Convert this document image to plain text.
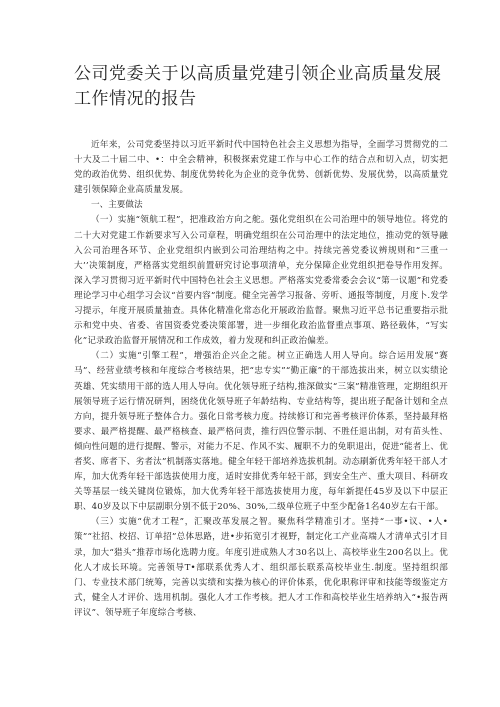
公司党委关于以高质量党建引领企业高质量发展工作情况的报告

近年来，公司党委坚持以习近平新时代中国特色社会主义思想为指导，全面学习贯彻党的二十大及二十届二中、•：中全会精神，积极探索党建工作与中心工作的结合点和切入点，切实把党的政治优势、组织优势、制度优势转化为企业的竞争优势、创新优势、发展优势，以高质量党建引领保障企业高质量发展。

一、主要做法

（一）实施“领航工程”，把准政治方向之舵。强化党组织在公司治理中的领导地位。将党的二十大对党建工作新要求写入公司章程，明确党组织在公司治理中的法定地位，推动党的领导融入公司治理各环节、企业党组织内嵌到公司治理结构之中。持续完善党委议辨规则和“三重一大’’决策制度，严格落实党组织前置研究讨论事项清单，充分保障企业党组织把卷导作用发挥。深入学习贯彻习近平新时代中国特色社会主义思想。严格落实党委常委会会议“第一议题”和党委理论学习中心组学习会议“首要内容”制度。健全完善学习报备、旁听、通报等制度，月度卜.发学习提示，年度开展质量抽查。具体化精准化常态化开展政治监督。聚焦习近平总书记重要指示批示和党中央、省委、省国资委党委决策部署，进一步细化政治监督重点事项、路径载体，“写实化”记录政治监督开展情况和工作成效，着力发现和纠正政治偏差。

（二）实施“引擎工程”，增强治企兴企之能。树立正确选人用人导向。综合运用发展“赛马”、经营业绩考核和年度综合考核结果，把“忠专实”“勤正廉”的干部选拔出来，树立以实绩论英雄、凭实绩用干部的选人用人导向。优化领导班子结构,推深做实“三案”精准管理，定期组织开展领导班子运行情况研判，困绕优化领导班子年龄结构、专业结构等，提出班子配备计划和全点方向，提升领导班子整体合力。强化日常考核力度。持续修订和完善考核评价体系，坚持最拜格要求、最严格提醒、最严格核查、最严格问责，推行四位警示制、不胜任退出制，对有苗头性、倾向性问题的进行提醒、警示，对能力不足、作风不实、履职不力的免职退出，促进“能者上、优者奖、席者下、劣者汰”机制落实落地。健全年轻干部培养选拔机制。动态刷新优秀年轻干部人才库，加大优秀年轻干部选拔使用力度，适时安排优秀年轻干部，到安全生产、重大项目、科研攻关等基层一线关键岗位锻炼，加大优秀年轻干部选拔使用力度，每年新提任45岁及以下中层正职、40岁及以下中层副职分别不低于20%、30%,二级单位班子中至少配备1名40岁左右干部。

（三）实施“优才工程”，汇聚改革发展之智。聚焦科学精准引才。坚持“一事•议、•人•策”“社招、校招、订单招”总体思路，进•步拓宽引才视野，制定化工产业高端人才清单式引才目录，加大“猎头”推荐市场化选聘力度。年度引进成熟人才30名以上、高校毕业生200名以上。优化人才成长环境。完善领导T•部联系优秀人才、组织部长联系高校毕业生.制度。坚持组织部门、专业技术部门统筹，完善以实绩和实操为核心的评价体系，优化职称评审和技能等级鉴定方式，健全人才评价、选用机制。强化人才工作考核。把人才工作和高校毕业生培养纳入“•报告两评议”、领导班子年度综合考核、
